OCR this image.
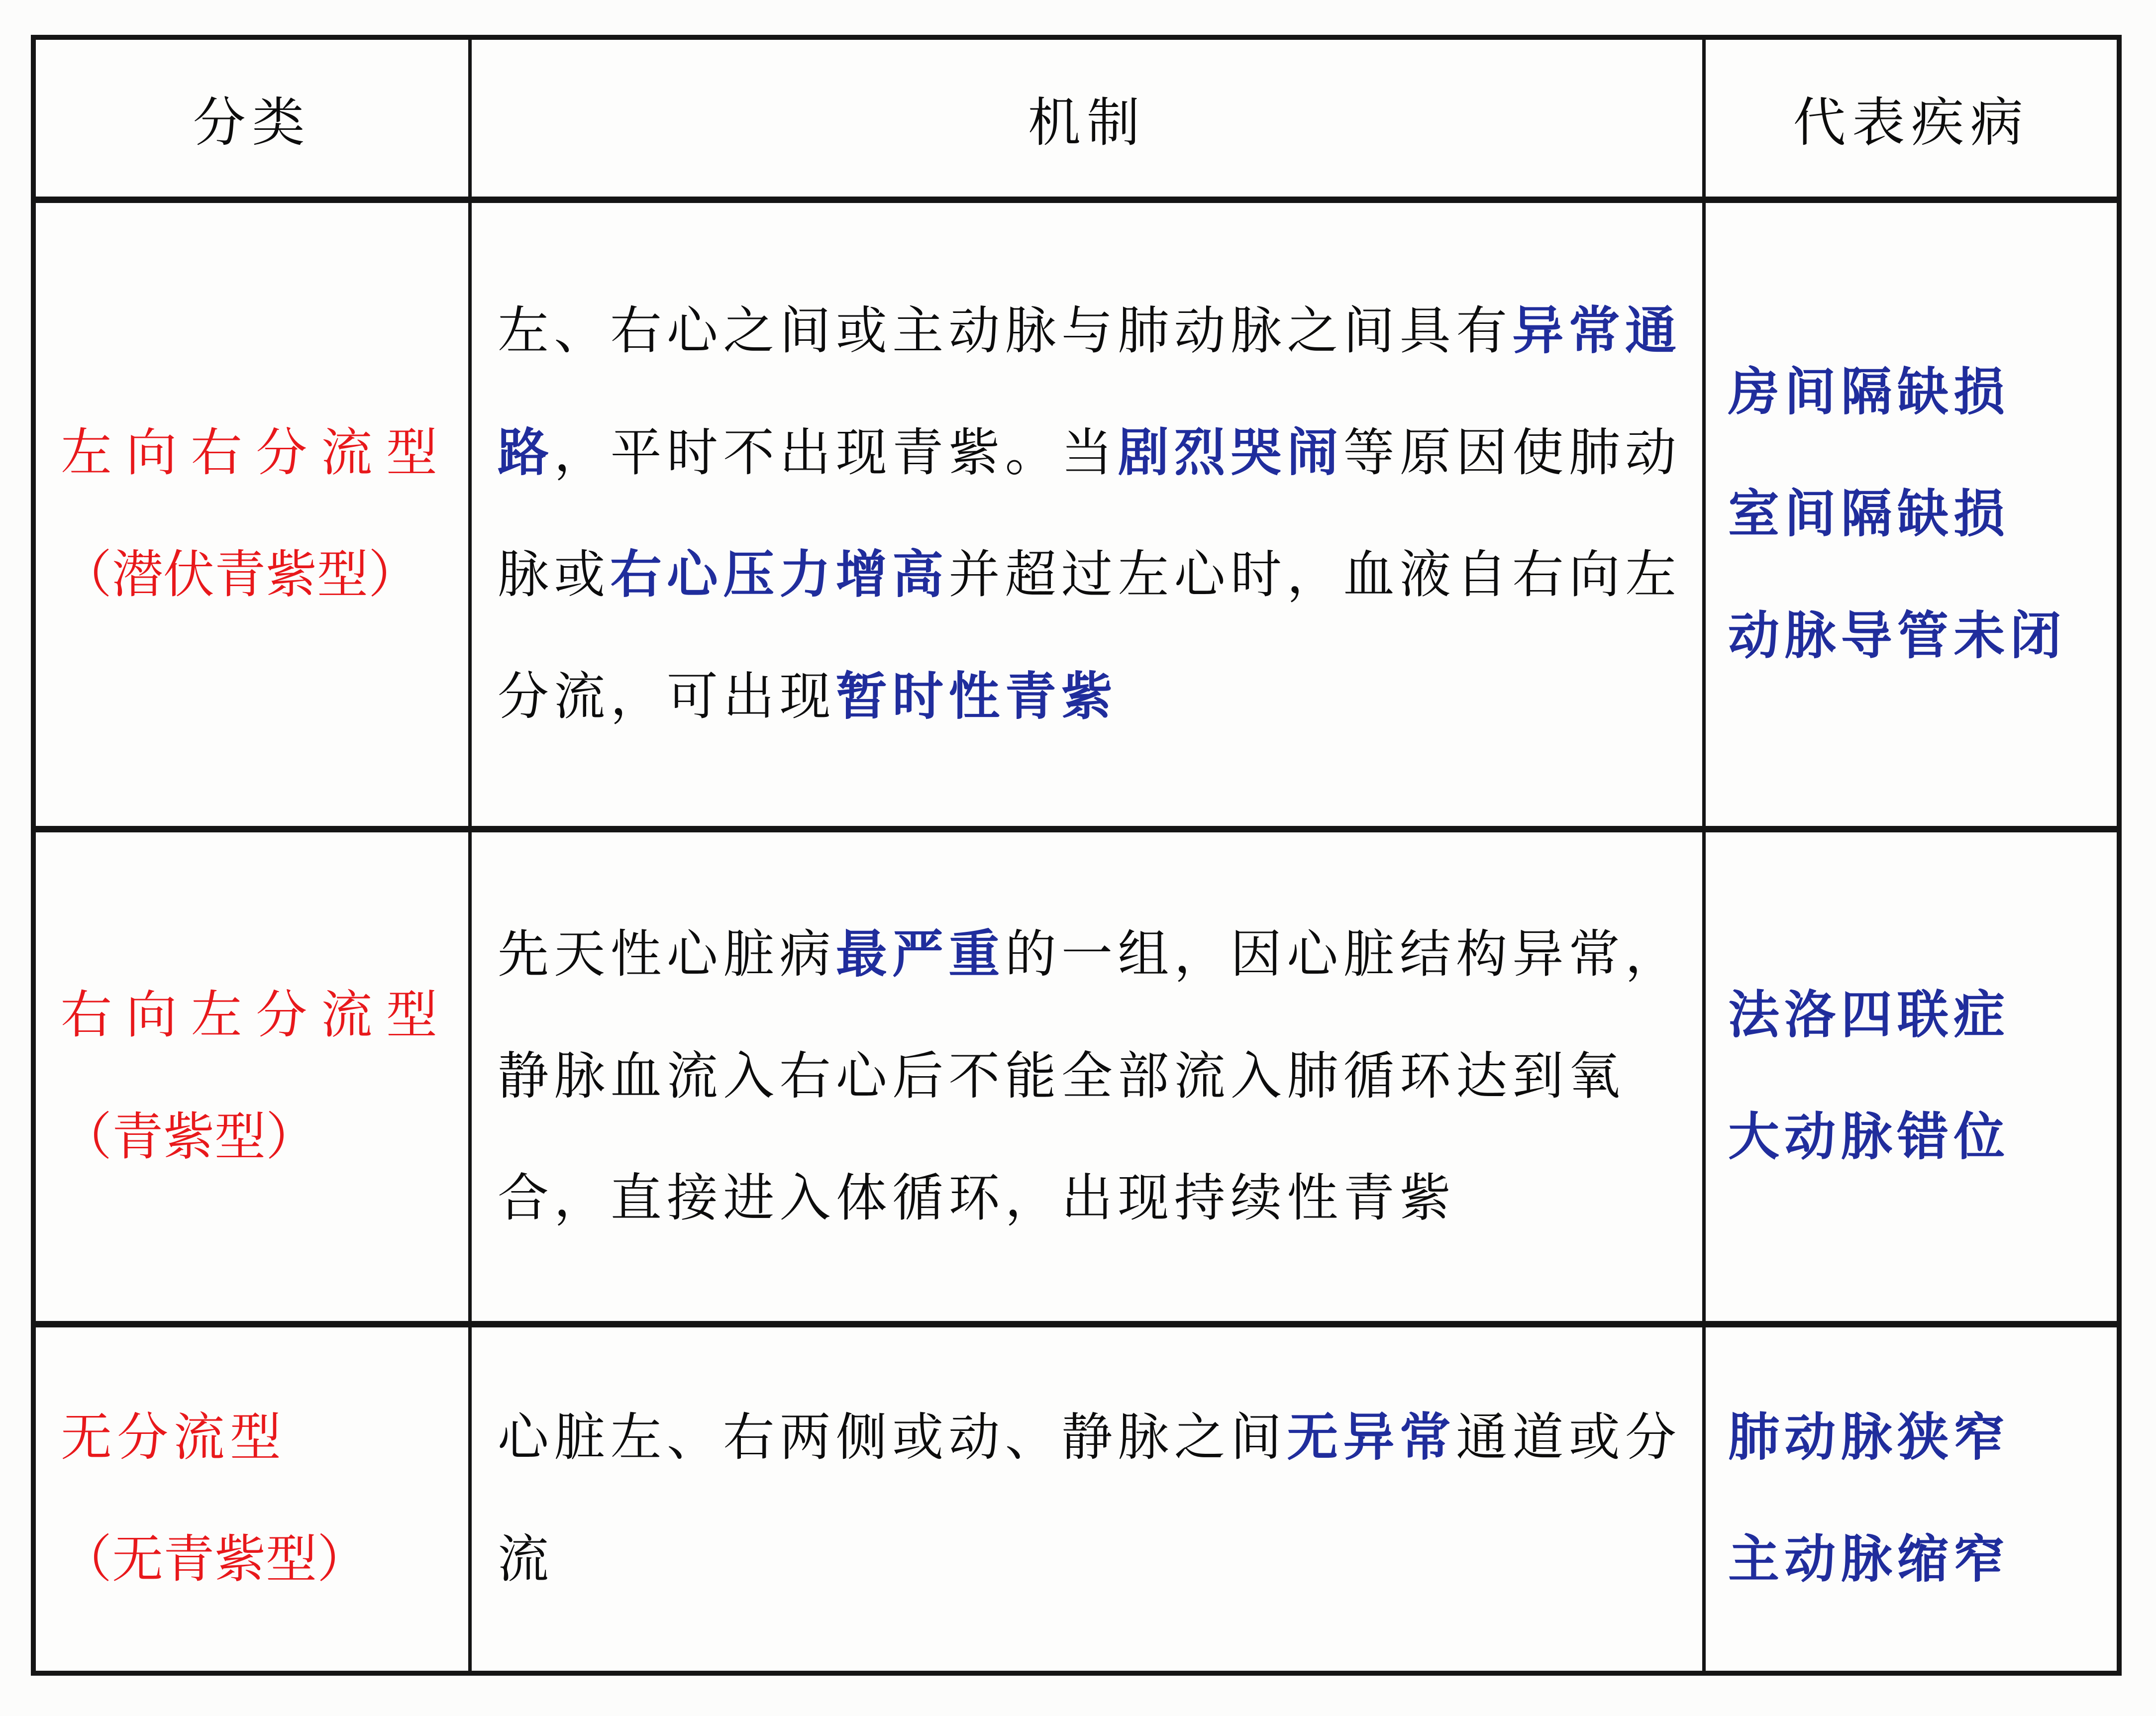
分类	机制	代表疾病
左向右分流型
（潜伏青紫型）
左、右心之间或主动脉与肺动脉之间具有异常通
路，平时不出现青紫。当剧烈哭闹等原因使肺动
脉或右心压力增高并超过左心时，血液自右向左
分流，可出现暂时性青紫
房间隔缺损
室间隔缺损
动脉导管未闭
右向左分流型
（青紫型）
先天性心脏病最严重的一组，因心脏结构异常，
静脉血流入右心后不能全部流入肺循环达到氧
合，直接进入体循环，出现持续性青紫
法洛四联症
大动脉错位
无分流型
（无青紫型）
心脏左、右两侧或动、静脉之间无异常通道或分
流
肺动脉狭窄
主动脉缩窄
